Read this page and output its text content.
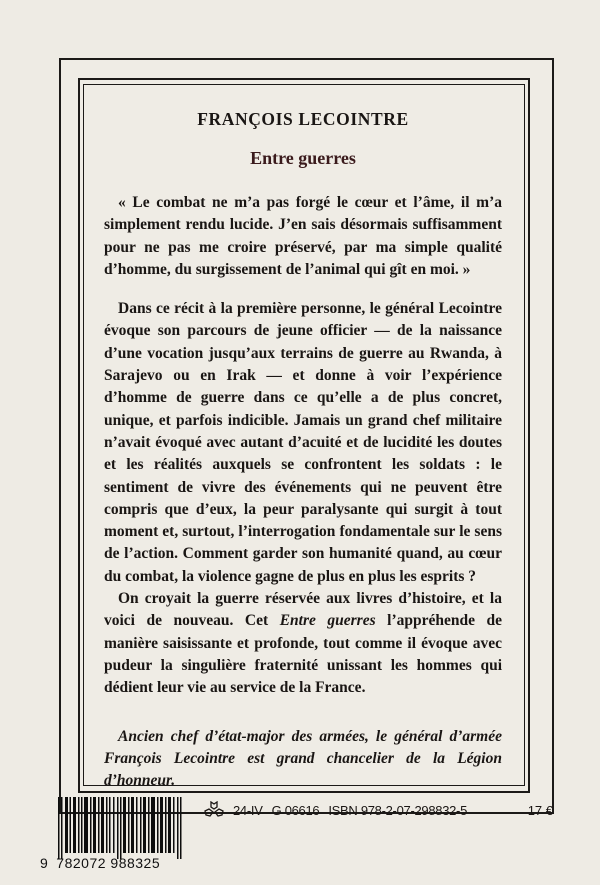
FRANÇOIS LECOINTRE
Entre guerres

« Le combat ne m’a pas forgé le cœur et l’âme, il m’a simplement rendu lucide. J’en sais désormais suffisamment pour ne pas me croire préservé, par ma simple qualité d’homme, du surgissement de l’animal qui gît en moi. »

Dans ce récit à la première personne, le général Lecointre évoque son parcours de jeune officier — de la naissance d’une vocation jusqu’aux terrains de guerre au Rwanda, à Sarajevo ou en Irak — et donne à voir l’expérience d’homme de guerre dans ce qu’elle a de plus concret, unique, et parfois indicible. Jamais un grand chef militaire n’avait évoqué avec autant d’acuité et de lucidité les doutes et les réalités auxquels se confrontent les soldats : le sentiment de vivre des événements qui ne peuvent être compris que d’eux, la peur paralysante qui surgit à tout moment et, surtout, l’interrogation fondamentale sur le sens de l’action. Comment garder son humanité quand, au cœur du combat, la violence gagne de plus en plus les esprits ?

On croyait la guerre réservée aux livres d’histoire, et la voici de nouveau. Cet Entre guerres l’appréhende de manière saisissante et profonde, tout comme il évoque avec pudeur la singulière fraternité unissant les hommes qui dédient leur vie au service de la France.

Ancien chef d’état-major des armées, le général d’armée François Lecointre est grand chancelier de la Légion d’honneur.

9 782072 988325
24-IV G 06616 ISBN 978-2-07-298832-5	17 €
